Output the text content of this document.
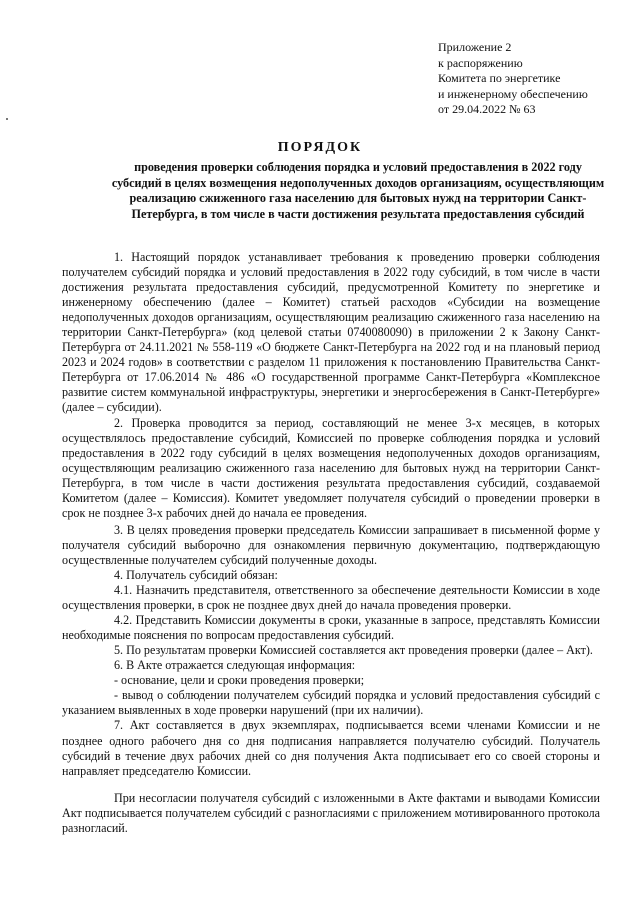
Приложение 2
к распоряжению
Комитета по энергетике
и инженерному обеспечению
от 29.04.2022 № 63
ПОРЯДОК
проведения проверки соблюдения порядка и условий предоставления в 2022 году субсидий в целях возмещения недополученных доходов организациям, осуществляющим реализацию сжиженного газа населению для бытовых нужд на территории Санкт-Петербурга, в том числе в части достижения результата предоставления субсидий

1. Настоящий порядок устанавливает требования к проведению проверки соблюдения получателем субсидий порядка и условий предоставления в 2022 году субсидий, в том числе в части достижения результата предоставления субсидий, предусмотренной Комитету по энергетике и инженерному обеспечению (далее – Комитет) статьей расходов «Субсидии на возмещение недополученных доходов организациям, осуществляющим реализацию сжиженного газа населению на территории Санкт-Петербурга» (код целевой статьи 0740080090) в приложении 2 к Закону Санкт-Петербурга от 24.11.2021 № 558-119 «О бюджете Санкт-Петербурга на 2022 год и на плановый период 2023 и 2024 годов» в соответствии с разделом 11 приложения к постановлению Правительства Санкт-Петербурга от 17.06.2014 № 486 «О государственной программе Санкт-Петербурга «Комплексное развитие систем коммунальной инфраструктуры, энергетики и энергосбережения в Санкт-Петербурге» (далее – субсидии).

2. Проверка проводится за период, составляющий не менее 3-х месяцев, в которых осуществлялось предоставление субсидий, Комиссией по проверке соблюдения порядка и условий предоставления в 2022 году субсидий в целях возмещения недополученных доходов организациям, осуществляющим реализацию сжиженного газа населению для бытовых нужд на территории Санкт-Петербурга, в том числе в части достижения результата предоставления субсидий, создаваемой Комитетом (далее – Комиссия). Комитет уведомляет получателя субсидий о проведении проверки в срок не позднее 3-х рабочих дней до начала ее проведения.

3. В целях проведения проверки председатель Комиссии запрашивает в письменной форме у получателя субсидий выборочно для ознакомления первичную документацию, подтверждающую осуществленные получателем субсидий полученные доходы.

4. Получатель субсидий обязан:

4.1. Назначить представителя, ответственного за обеспечение деятельности Комиссии в ходе осуществления проверки, в срок не позднее двух дней до начала проведения проверки.

4.2. Представить Комиссии документы в сроки, указанные в запросе, представлять Комиссии необходимые пояснения по вопросам предоставления субсидий.

5. По результатам проверки Комиссией составляется акт проведения проверки (далее – Акт).

6. В Акте отражается следующая информация:

- основание, цели и сроки проведения проверки;

- вывод о соблюдении получателем субсидий порядка и условий предоставления субсидий с указанием выявленных в ходе проверки нарушений (при их наличии).

7. Акт составляется в двух экземплярах, подписывается всеми членами Комиссии и не позднее одного рабочего дня со дня подписания направляется получателю субсидий. Получатель субсидий в течение двух рабочих дней со дня получения Акта подписывает его со своей стороны и направляет председателю Комиссии.

При несогласии получателя субсидий с изложенными в Акте фактами и выводами Комиссии Акт подписывается получателем субсидий с разногласиями с приложением мотивированного протокола разногласий.
